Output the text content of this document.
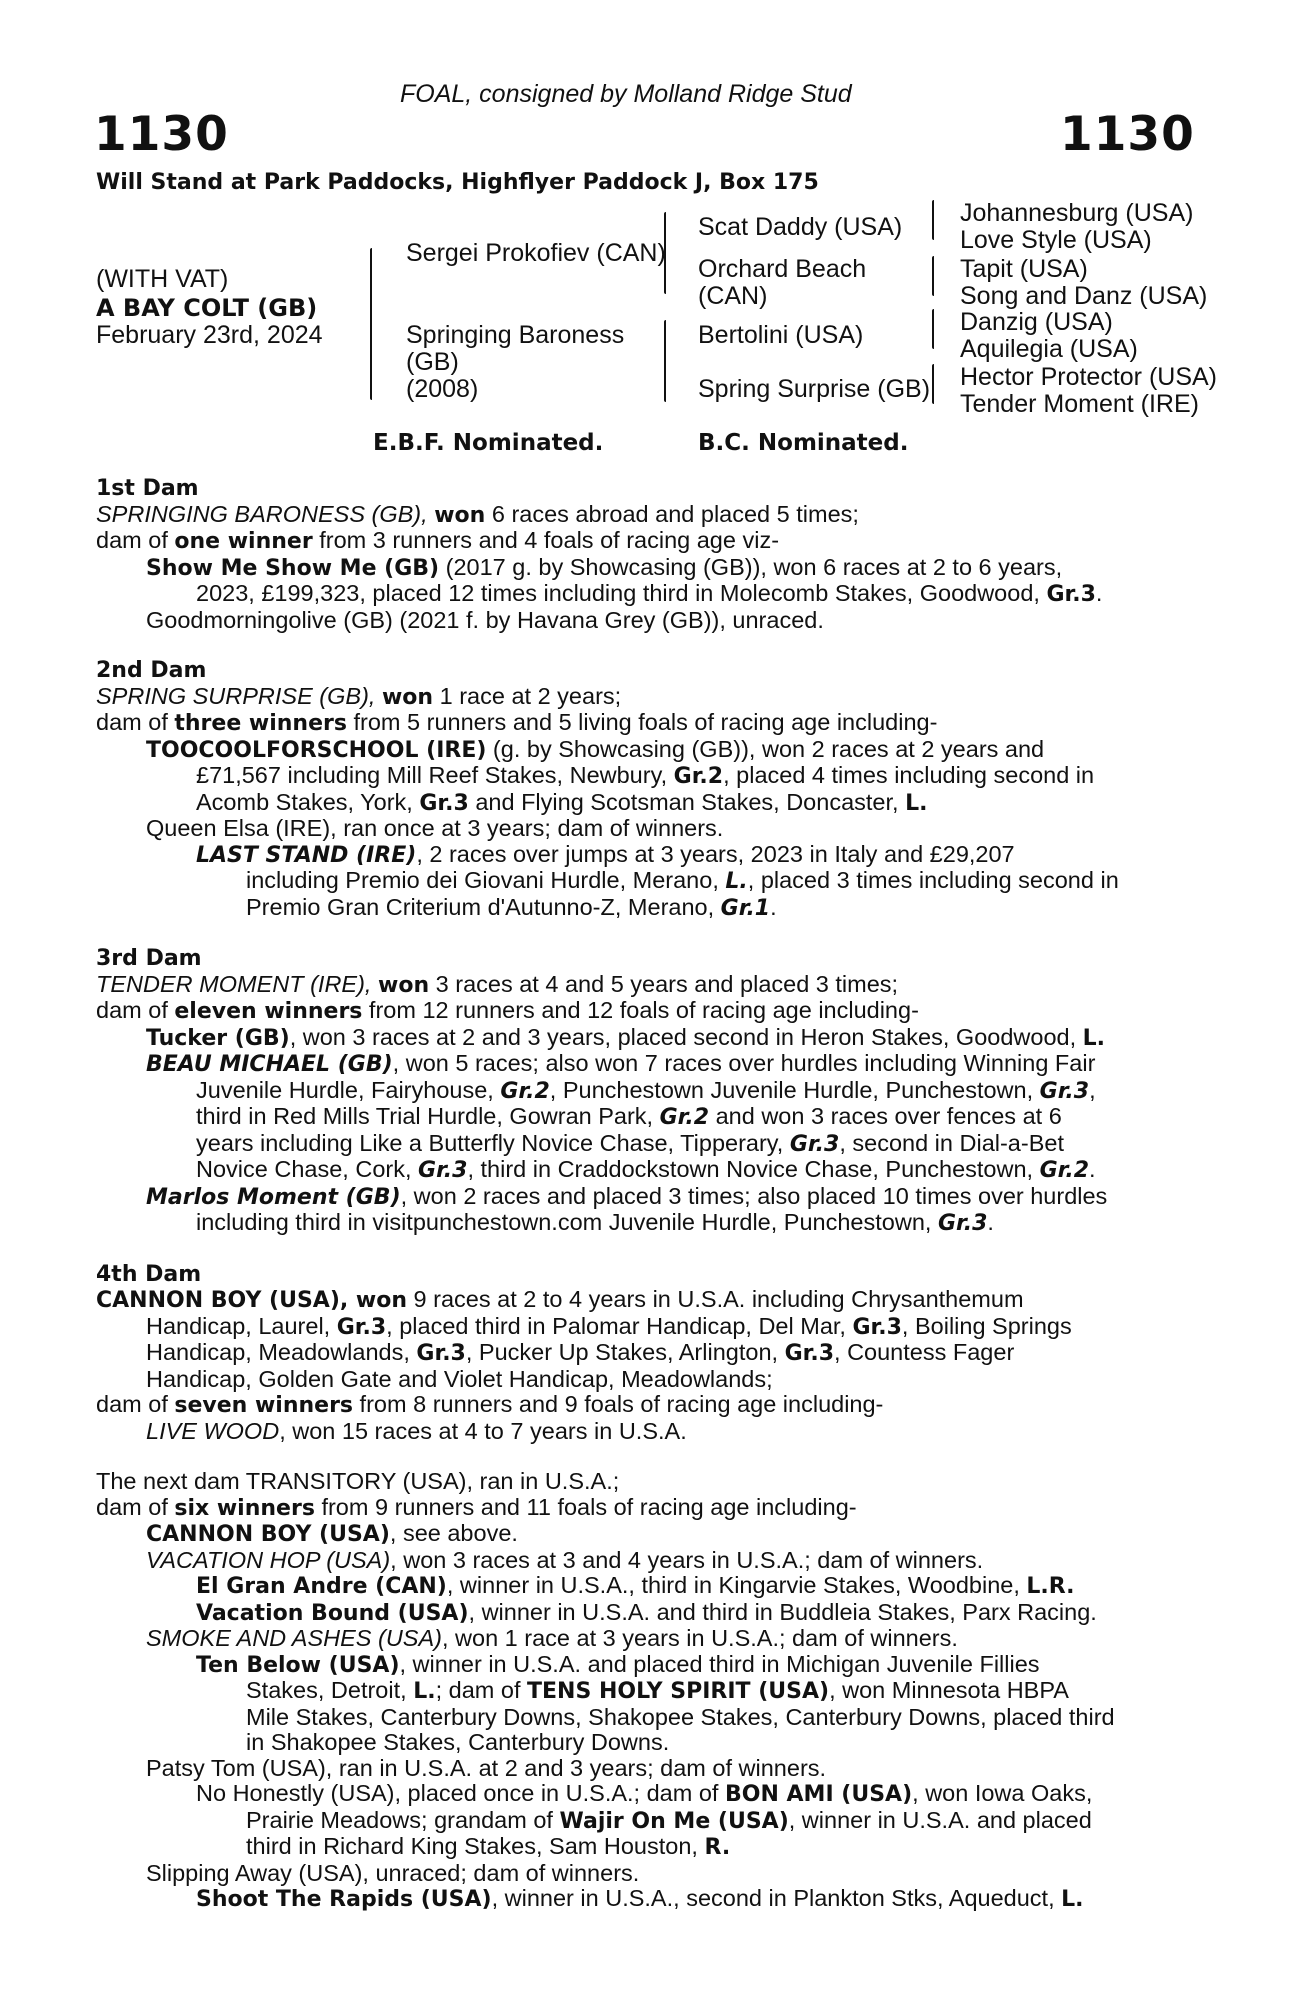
FOAL, consigned by Molland Ridge Stud
1130	1130
Will Stand at Park Paddocks, Highflyer Paddock J, Box 175
(WITH VAT)
A BAY COLT (GB)
February 23rd, 2024
Sergei Prokofiev (CAN)
Springing Baroness
(GB)
(2008)
Scat Daddy (USA)
Orchard Beach
(CAN)
Bertolini (USA)
Spring Surprise (GB)
Johannesburg (USA)
Love Style (USA)
Tapit (USA)
Song and Danz (USA)
Danzig (USA)
Aquilegia (USA)
Hector Protector (USA)
Tender Moment (IRE)
E.B.F. Nominated.	B.C. Nominated.
1st Dam
SPRINGING BARONESS (GB), won 6 races abroad and placed 5 times;
dam of one winner from 3 runners and 4 foals of racing age viz-
Show Me Show Me (GB) (2017 g. by Showcasing (GB)), won 6 races at 2 to 6 years,
2023, £199,323, placed 12 times including third in Molecomb Stakes, Goodwood, Gr.3.
Goodmorningolive (GB) (2021 f. by Havana Grey (GB)), unraced.
2nd Dam
SPRING SURPRISE (GB), won 1 race at 2 years;
dam of three winners from 5 runners and 5 living foals of racing age including-
TOOCOOLFORSCHOOL (IRE) (g. by Showcasing (GB)), won 2 races at 2 years and
£71,567 including Mill Reef Stakes, Newbury, Gr.2, placed 4 times including second in
Acomb Stakes, York, Gr.3 and Flying Scotsman Stakes, Doncaster, L.
Queen Elsa (IRE), ran once at 3 years; dam of winners.
LAST STAND (IRE), 2 races over jumps at 3 years, 2023 in Italy and £29,207
including Premio dei Giovani Hurdle, Merano, L., placed 3 times including second in
Premio Gran Criterium d'Autunno-Z, Merano, Gr.1.
3rd Dam
TENDER MOMENT (IRE), won 3 races at 4 and 5 years and placed 3 times;
dam of eleven winners from 12 runners and 12 foals of racing age including-
Tucker (GB), won 3 races at 2 and 3 years, placed second in Heron Stakes, Goodwood, L.
BEAU MICHAEL (GB), won 5 races; also won 7 races over hurdles including Winning Fair
Juvenile Hurdle, Fairyhouse, Gr.2, Punchestown Juvenile Hurdle, Punchestown, Gr.3,
third in Red Mills Trial Hurdle, Gowran Park, Gr.2 and won 3 races over fences at 6
years including Like a Butterfly Novice Chase, Tipperary, Gr.3, second in Dial-a-Bet
Novice Chase, Cork, Gr.3, third in Craddockstown Novice Chase, Punchestown, Gr.2.
Marlos Moment (GB), won 2 races and placed 3 times; also placed 10 times over hurdles
including third in visitpunchestown.com Juvenile Hurdle, Punchestown, Gr.3.
4th Dam
CANNON BOY (USA), won 9 races at 2 to 4 years in U.S.A. including Chrysanthemum
Handicap, Laurel, Gr.3, placed third in Palomar Handicap, Del Mar, Gr.3, Boiling Springs
Handicap, Meadowlands, Gr.3, Pucker Up Stakes, Arlington, Gr.3, Countess Fager
Handicap, Golden Gate and Violet Handicap, Meadowlands;
dam of seven winners from 8 runners and 9 foals of racing age including-
LIVE WOOD, won 15 races at 4 to 7 years in U.S.A.
The next dam TRANSITORY (USA), ran in U.S.A.;
dam of six winners from 9 runners and 11 foals of racing age including-
CANNON BOY (USA), see above.
VACATION HOP (USA), won 3 races at 3 and 4 years in U.S.A.; dam of winners.
El Gran Andre (CAN), winner in U.S.A., third in Kingarvie Stakes, Woodbine, L.R.
Vacation Bound (USA), winner in U.S.A. and third in Buddleia Stakes, Parx Racing.
SMOKE AND ASHES (USA), won 1 race at 3 years in U.S.A.; dam of winners.
Ten Below (USA), winner in U.S.A. and placed third in Michigan Juvenile Fillies
Stakes, Detroit, L.; dam of TENS HOLY SPIRIT (USA), won Minnesota HBPA
Mile Stakes, Canterbury Downs, Shakopee Stakes, Canterbury Downs, placed third
in Shakopee Stakes, Canterbury Downs.
Patsy Tom (USA), ran in U.S.A. at 2 and 3 years; dam of winners.
No Honestly (USA), placed once in U.S.A.; dam of BON AMI (USA), won Iowa Oaks,
Prairie Meadows; grandam of Wajir On Me (USA), winner in U.S.A. and placed
third in Richard King Stakes, Sam Houston, R.
Slipping Away (USA), unraced; dam of winners.
Shoot The Rapids (USA), winner in U.S.A., second in Plankton Stks, Aqueduct, L.
